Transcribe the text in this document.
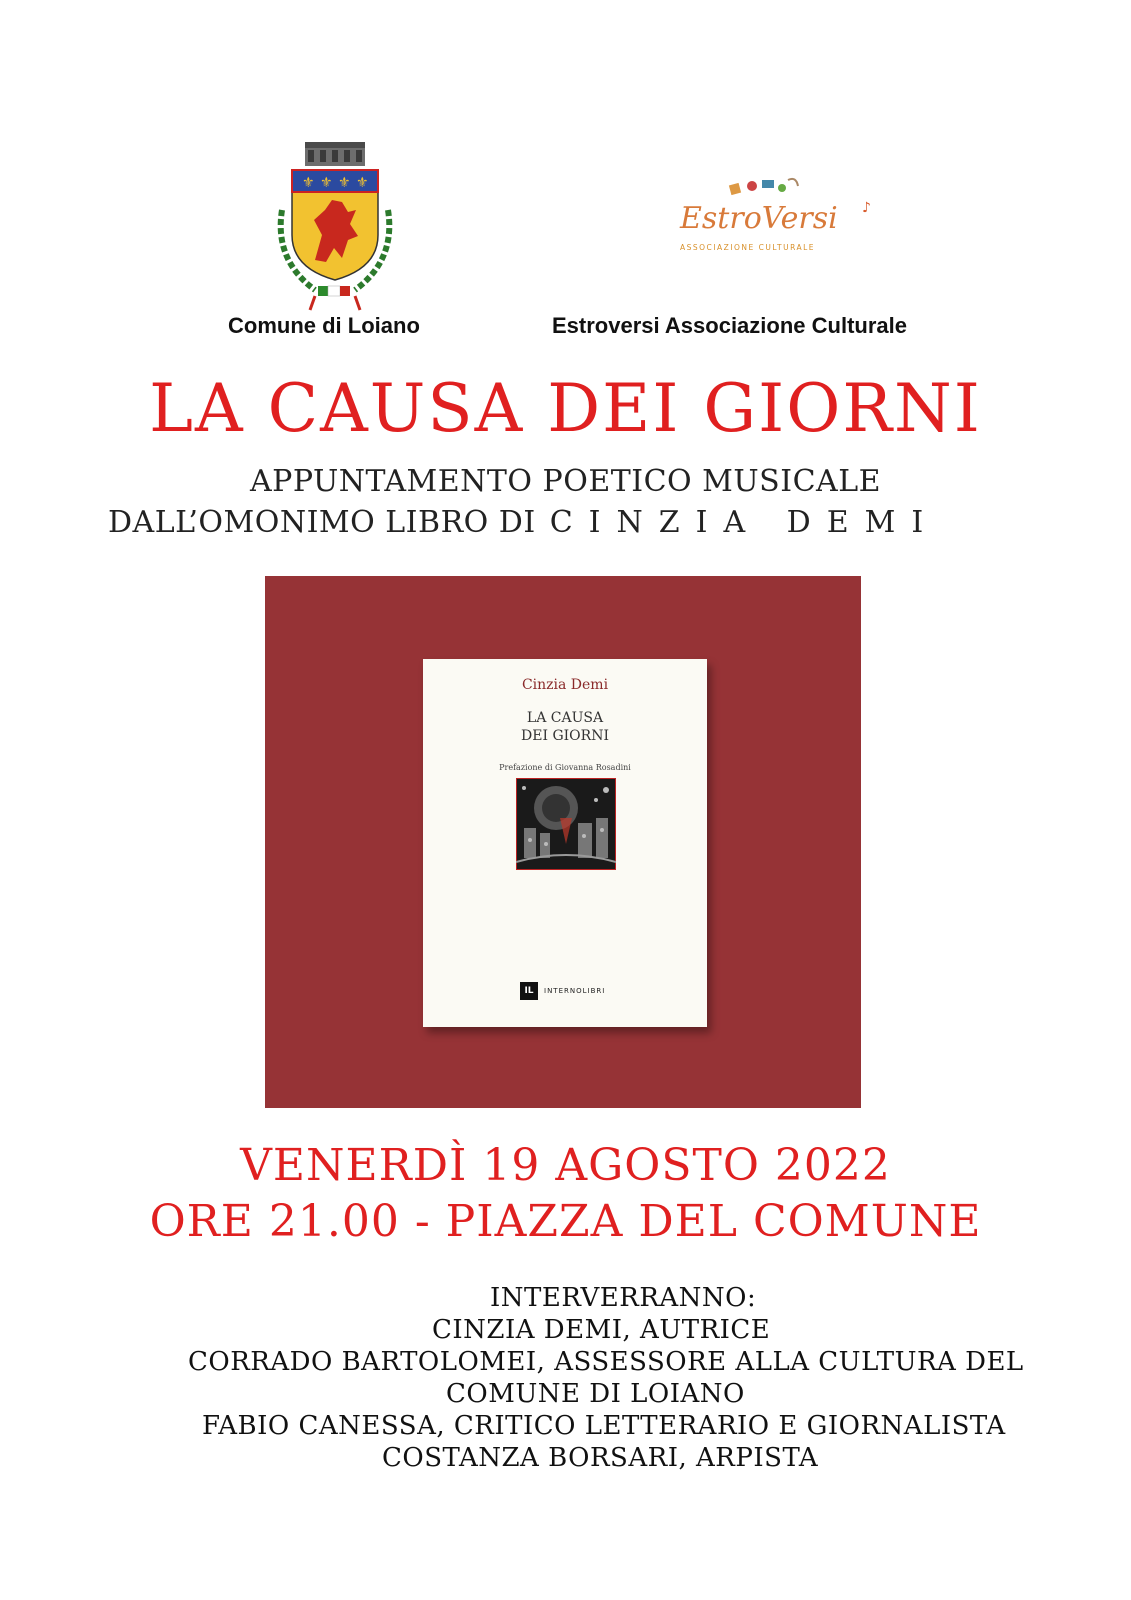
⚜ ⚜ ⚜ ⚜
♪
EstroVersi
ASSOCIAZIONE CULTURALE
Comune di Loiano	Estroversi Associazione Culturale
LA CAUSA DEI GIORNI
APPUNTAMENTO POETICO MUSICALE
DALL’OMONIMO LIBRO DI CINZIA DEMI
Cinzia Demi
LA CAUSA
DEI GIORNI
Prefazione di Giovanna Rosadini
IL	INTERNOLIBRI
VENERDÌ 19 AGOSTO 2022
ORE 21.00 - PIAZZA DEL COMUNE
INTERVERRANNO:
CINZIA DEMI, AUTRICE
CORRADO BARTOLOMEI, ASSESSORE ALLA CULTURA DEL
COMUNE DI LOIANO
FABIO CANESSA, CRITICO LETTERARIO E GIORNALISTA
COSTANZA BORSARI, ARPISTA
